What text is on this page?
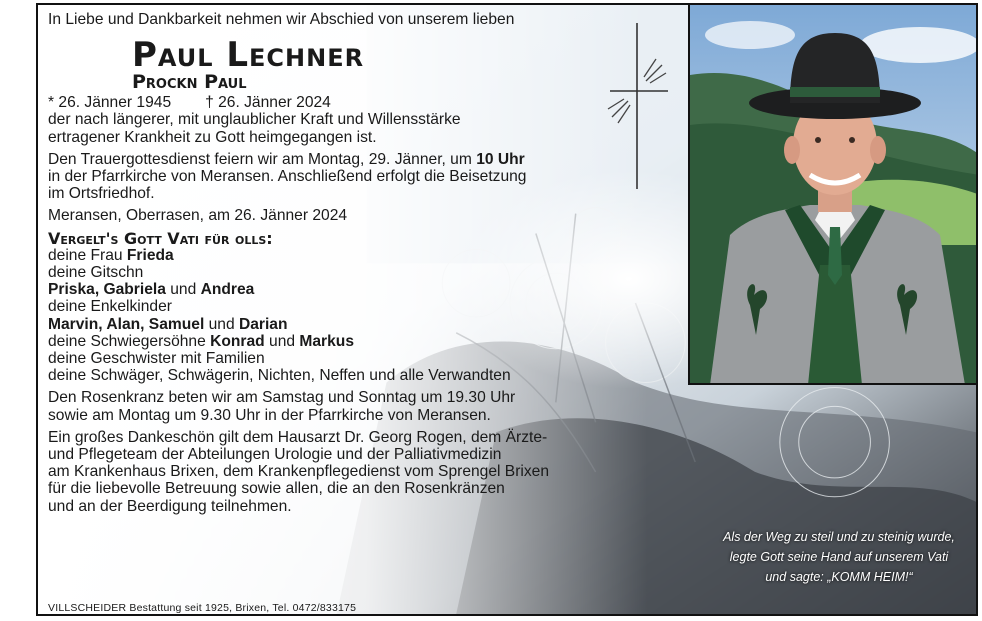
In Liebe und Dankbarkeit nehmen wir Abschied von unserem lieben
Paul Lechner
Prockn Paul
* 26. Jänner 1945 † 26. Jänner 2024
der nach längerer, mit unglaublicher Kraft und Willensstärke
ertragener Krankheit zu Gott heimgegangen ist.
Den Trauergottesdienst feiern wir am Montag, 29. Jänner, um 10 Uhr
in der Pfarrkirche von Meransen. Anschließend erfolgt die Beisetzung
im Ortsfriedhof.
Meransen, Oberrasen, am 26. Jänner 2024
Vergelt's Gott Vati für olls:
deine Frau Frieda
deine Gitschn
Priska, Gabriela und Andrea
deine Enkelkinder
Marvin, Alan, Samuel und Darian
deine Schwiegersöhne Konrad und Markus
deine Geschwister mit Familien
deine Schwäger, Schwägerin, Nichten, Neffen und alle Verwandten
Den Rosenkranz beten wir am Samstag und Sonntag um 19.30 Uhr
sowie am Montag um 9.30 Uhr in der Pfarrkirche von Meransen.
Ein großes Dankeschön gilt dem Hausarzt Dr. Georg Rogen, dem Ärzte-
und Pflegeteam der Abteilungen Urologie und der Palliativmedizin
am Krankenhaus Brixen, dem Krankenpflegedienst vom Sprengel Brixen
für die liebevolle Betreuung sowie allen, die an den Rosenkränzen
und an der Beerdigung teilnehmen.
VILLSCHEIDER Bestattung seit 1925, Brixen, Tel. 0472/833175
Als der Weg zu steil und zu steinig wurde,
legte Gott seine Hand auf unserem Vati
und sagte: „KOMM HEIM!“
